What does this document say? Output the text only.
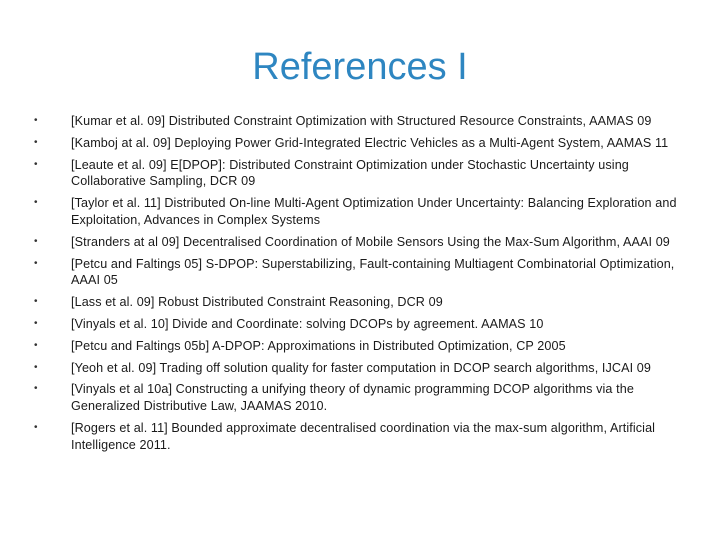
References I
•	[Kumar et al. 09] Distributed Constraint Optimization with Structured Resource Constraints, AAMAS 09
•	[Kamboj at al. 09] Deploying Power Grid-Integrated Electric Vehicles as a Multi-Agent System, AAMAS 11
•	[Leaute et al. 09] E[DPOP]: Distributed Constraint Optimization under Stochastic Uncertainty using Collaborative Sampling, DCR 09
•	[Taylor et al. 11] Distributed On-line Multi-Agent Optimization Under Uncertainty: Balancing Exploration and Exploitation, Advances in Complex Systems
•	[Stranders at al 09] Decentralised Coordination of Mobile Sensors Using the Max-Sum Algorithm, AAAI 09
•	[Petcu and Faltings 05] S-DPOP: Superstabilizing, Fault-containing Multiagent Combinatorial Optimization, AAAI 05
•	[Lass et al. 09] Robust Distributed Constraint Reasoning, DCR 09
•	[Vinyals et al. 10] Divide and Coordinate: solving DCOPs by agreement. AAMAS 10
•	[Petcu and Faltings 05b] A-DPOP: Approximations in Distributed Optimization, CP 2005
•	[Yeoh et al. 09] Trading off solution quality for faster computation in DCOP search algorithms, IJCAI 09
•	[Vinyals et al 10a] Constructing a unifying theory of dynamic programming DCOP algorithms via the Generalized Distributive Law, JAAMAS 2010.
•	[Rogers et al. 11] Bounded approximate decentralised coordination via the max-sum algorithm, Artificial Intelligence 2011.
